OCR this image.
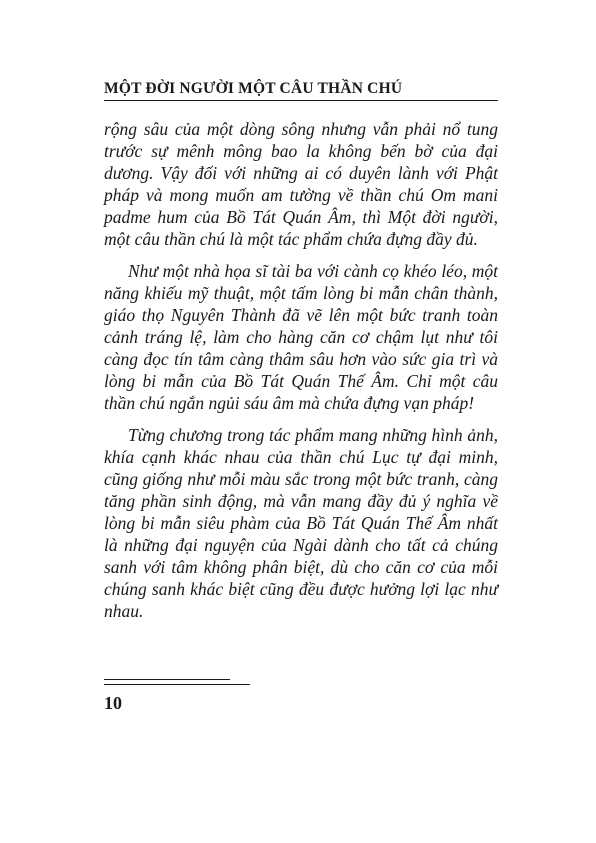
MỘT ĐỜI NGƯỜI MỘT CÂU THẦN CHÚ

rộng sâu của một dòng sông nhưng vẫn phải nổ tung trước sự mênh mông bao la không bến bờ của đại dương. Vậy đối với những ai có duyên lành với Phật pháp và mong muốn am tường về thần chú Om mani padme hum của Bồ Tát Quán Âm, thì Một đời người, một câu thần chú là một tác phẩm chứa đựng đầy đủ.

Như một nhà họa sĩ tài ba với cành cọ khéo léo, một năng khiếu mỹ thuật, một tấm lòng bi mẫn chân thành, giáo thọ Nguyên Thành đã vẽ lên một bức tranh toàn cảnh tráng lệ, làm cho hàng căn cơ chậm lụt như tôi càng đọc tín tâm càng thâm sâu hơn vào sức gia trì và lòng bi mẫn của Bồ Tát Quán Thế Âm. Chỉ một câu thần chú ngắn ngủi sáu âm mà chứa đựng vạn pháp!

Từng chương trong tác phẩm mang những hình ảnh, khía cạnh khác nhau của thần chú Lục tự đại minh, cũng giống như mỗi màu sắc trong một bức tranh, càng tăng phần sinh động, mà vẫn mang đầy đủ ý nghĩa về lòng bi mẫn siêu phàm của Bồ Tát Quán Thế Âm nhất là những đại nguyện của Ngài dành cho tất cả chúng sanh với tâm không phân biệt, dù cho căn cơ của mỗi chúng sanh khác biệt cũng đều được hưởng lợi lạc như nhau.

10
